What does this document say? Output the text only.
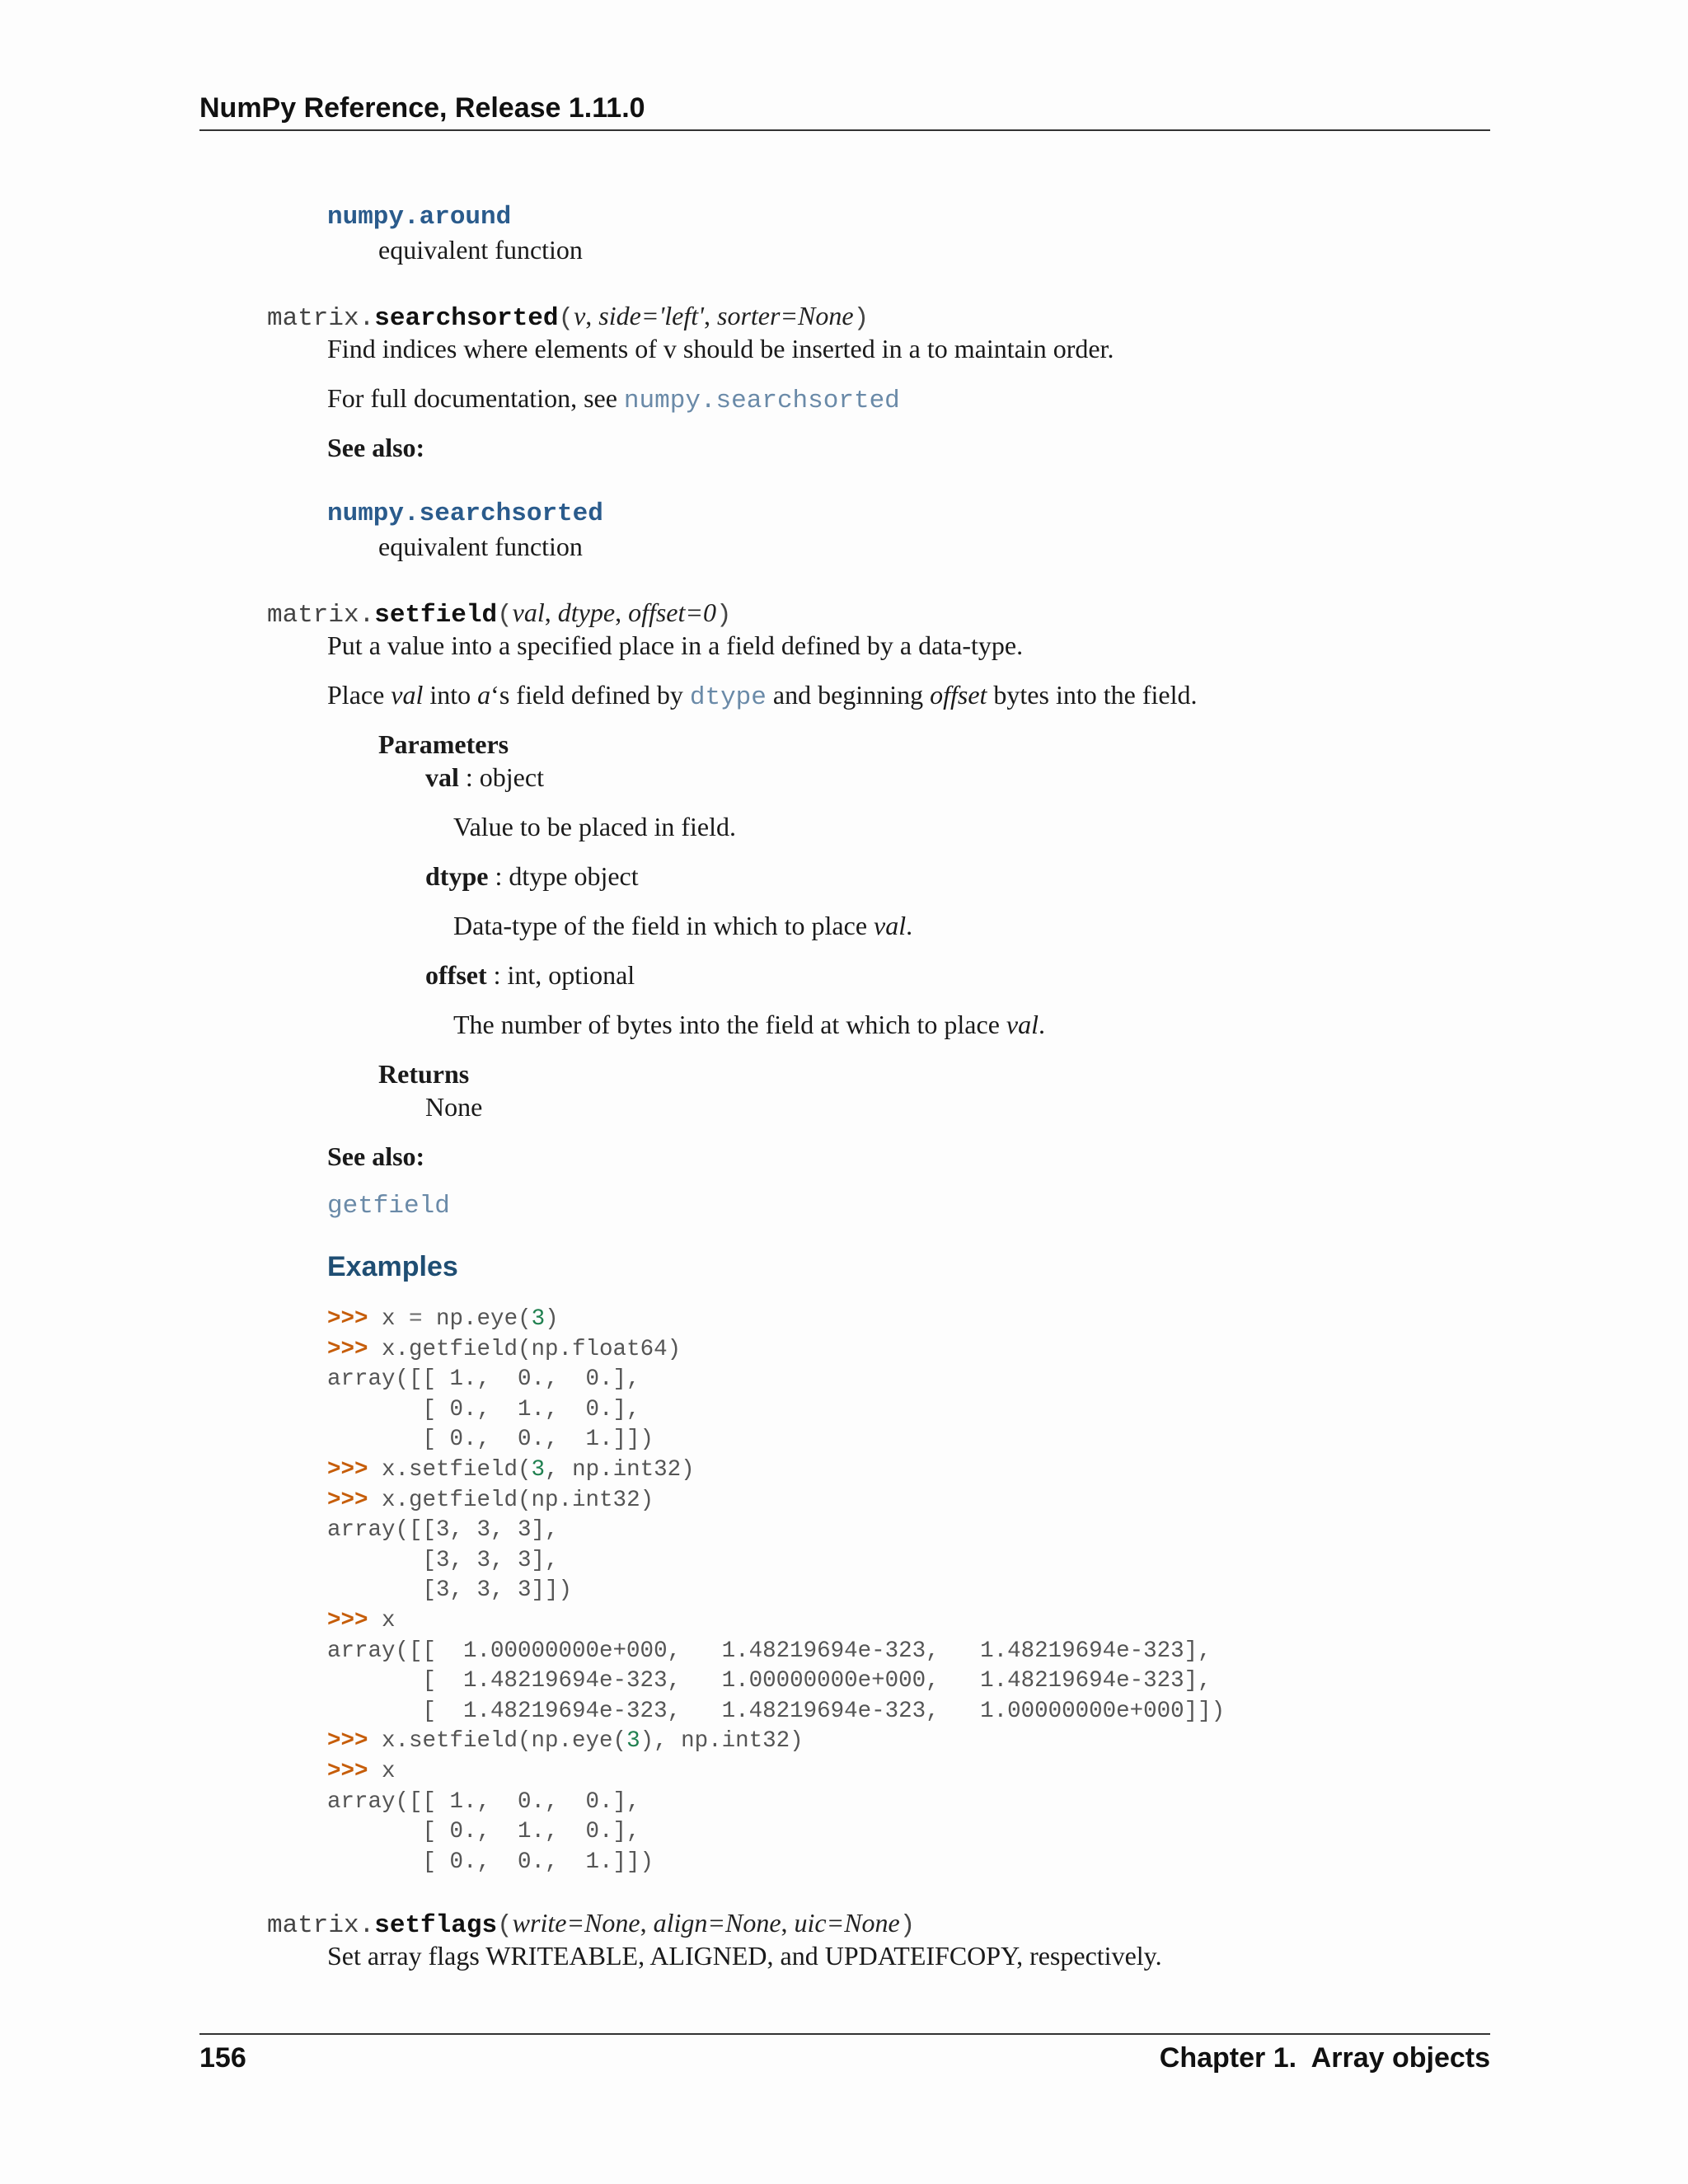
NumPy Reference, Release 1.11.0
numpy.around
equivalent function
matrix.searchsorted(v, side='left', sorter=None)
Find indices where elements of v should be inserted in a to maintain order.
For full documentation, see numpy.searchsorted
See also:
numpy.searchsorted
equivalent function
matrix.setfield(val, dtype, offset=0)
Put a value into a specified place in a field defined by a data-type.
Place val into a‘s field defined by dtype and beginning offset bytes into the field.
Parameters
val : object
Value to be placed in field.
dtype : dtype object
Data-type of the field in which to place val.
offset : int, optional
The number of bytes into the field at which to place val.
Returns
None
See also:
getfield
Examples
>>> x = np.eye(3)
>>> x.getfield(np.float64)
array([[ 1.,  0.,  0.],
[ 0.,  1.,  0.],
[ 0.,  0.,  1.]])
>>> x.setfield(3, np.int32)
>>> x.getfield(np.int32)
array([[3, 3, 3],
[3, 3, 3],
[3, 3, 3]])
>>> x
array([[  1.00000000e+000,   1.48219694e-323,   1.48219694e-323],
[  1.48219694e-323,   1.00000000e+000,   1.48219694e-323],
[  1.48219694e-323,   1.48219694e-323,   1.00000000e+000]])
>>> x.setfield(np.eye(3), np.int32)
>>> x
array([[ 1.,  0.,  0.],
[ 0.,  1.,  0.],
[ 0.,  0.,  1.]])
matrix.setflags(write=None, align=None, uic=None)
Set array flags WRITEABLE, ALIGNED, and UPDATEIFCOPY, respectively.
156	Chapter 1.  Array objects
